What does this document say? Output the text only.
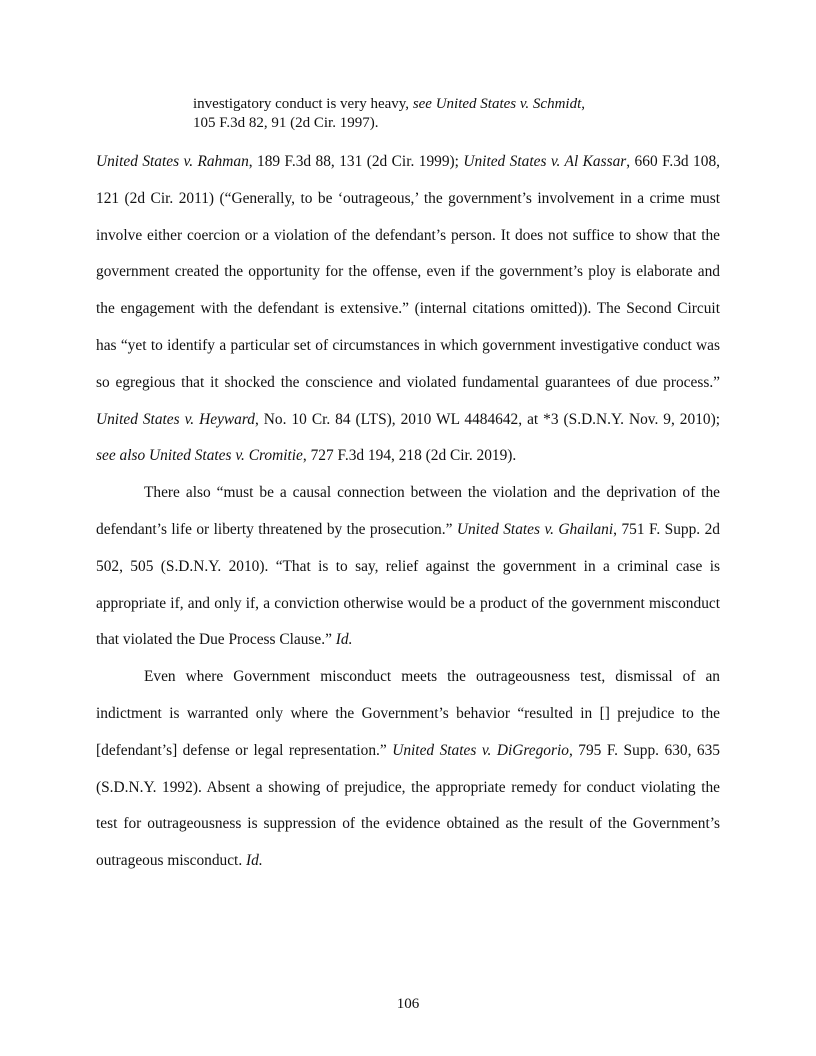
investigatory conduct is very heavy, see United States v. Schmidt,
105 F.3d 82, 91 (2d Cir. 1997).

United States v. Rahman, 189 F.3d 88, 131 (2d Cir. 1999); United States v. Al Kassar, 660 F.3d 108, 121 (2d Cir. 2011) (“Generally, to be ‘outrageous,’ the government’s involvement in a crime must involve either coercion or a violation of the defendant’s person. It does not suffice to show that the government created the opportunity for the offense, even if the government’s ploy is elaborate and the engagement with the defendant is extensive.” (internal citations omitted)). The Second Circuit has “yet to identify a particular set of circumstances in which government investigative conduct was so egregious that it shocked the conscience and violated fundamental guarantees of due process.” United States v. Heyward, No. 10 Cr. 84 (LTS), 2010 WL 4484642, at *3 (S.D.N.Y. Nov. 9, 2010); see also United States v. Cromitie, 727 F.3d 194, 218 (2d Cir. 2019).

There also “must be a causal connection between the violation and the deprivation of the defendant’s life or liberty threatened by the prosecution.” United States v. Ghailani, 751 F. Supp. 2d 502, 505 (S.D.N.Y. 2010). “That is to say, relief against the government in a criminal case is appropriate if, and only if, a conviction otherwise would be a product of the government misconduct that violated the Due Process Clause.” Id.

Even where Government misconduct meets the outrageousness test, dismissal of an indictment is warranted only where the Government’s behavior “resulted in [] prejudice to the [defendant’s] defense or legal representation.” United States v. DiGregorio, 795 F. Supp. 630, 635 (S.D.N.Y. 1992). Absent a showing of prejudice, the appropriate remedy for conduct violating the test for outrageousness is suppression of the evidence obtained as the result of the Government’s outrageous misconduct. Id.

106
